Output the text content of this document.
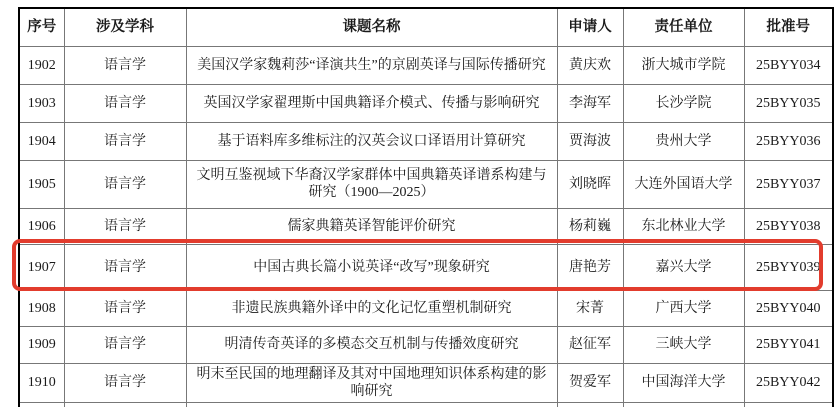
序号	涉及学科	课题名称	申请人	责任单位	批准号
1902	语言学	美国汉学家魏莉莎“译演共生”的京剧英译与国际传播研究	黄庆欢	浙大城市学院	25BYY034
1903	语言学	英国汉学家翟理斯中国典籍译介模式、传播与影响研究	李海军	长沙学院	25BYY035
1904	语言学	基于语料库多维标注的汉英会议口译语用计算研究	贾海波	贵州大学	25BYY036
1905	语言学	文明互鉴视域下华裔汉学家群体中国典籍英译谱系构建与研究（1900—2025）	刘晓晖	大连外国语大学	25BYY037
1906	语言学	儒家典籍英译智能评价研究	杨莉巍	东北林业大学	25BYY038
1907	语言学	中国古典长篇小说英译“改写”现象研究	唐艳芳	嘉兴大学	25BYY039
1908	语言学	非遗民族典籍外译中的文化记忆重塑机制研究	宋菁	广西大学	25BYY040
1909	语言学	明清传奇英译的多模态交互机制与传播效度研究	赵征军	三峡大学	25BYY041
1910	语言学	明末至民国的地理翻译及其对中国地理知识体系构建的影响研究	贺爱军	中国海洋大学	25BYY042
